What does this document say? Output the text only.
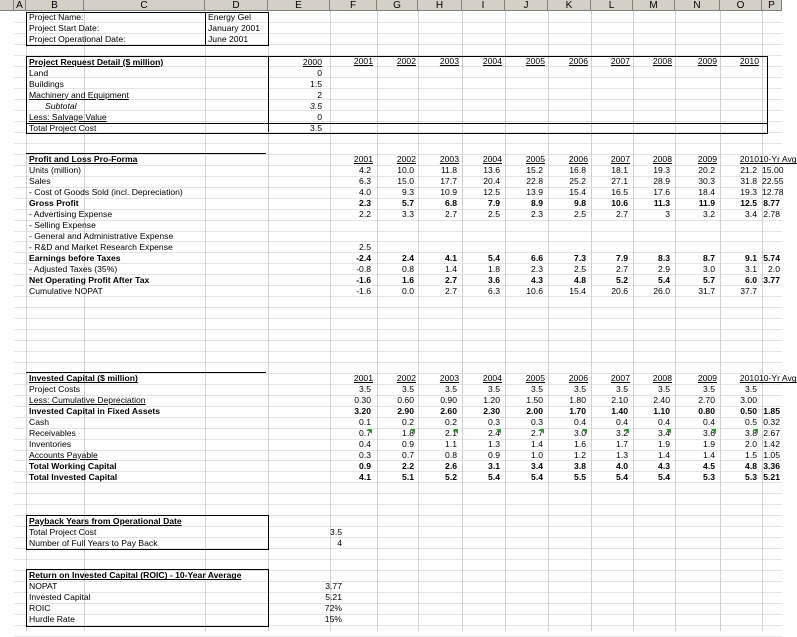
A	B	C	D	E	F	G	H	I	J	K	L	M	N	O	P
Project Name:	Energy Gel
Project Start Date:	January 2001
Project Operational Date:	June 2001
Project Request Detail ($ million)	2000	2001	2002	2003	2004	2005	2006	2007	2008	2009	2010
Land	0
Buildings	1.5
Machinery and Equipment	2
Subtotal	3.5
Less: Salvage Value	0
Total Project Cost	3.5
Profit and Loss Pro-Forma	2001	2002	2003	2004	2005	2006	2007	2008	2009	2010 10-Yr Avg
Units (million)	4.2	10.0	11.8	13.6	15.2	16.8	18.1	19.3	20.2	21.2 15.00
Sales	6.3	15.0	17.7	20.4	22.8	25.2	27.1	28.9	30.3	31.8 22.55
- Cost of Goods Sold (incl. Depreciation)	4.0	9.3	10.9	12.5	13.9	15.4	16.5	17.6	18.4	19.3 12.78
Gross Profit	2.3	5.7	6.8	7.9	8.9	9.8	10.6	11.3	11.9	12.5 8.77
- Advertising Expense	2.2	3.3	2.7	2.5	2.3	2.5	2.7	3	3.2	3.4 2.78
- Selling Expense
- General and Administrative Expense
- R&D and Market Research Expense	2.5
Earnings before Taxes	-2.4	2.4	4.1	5.4	6.6	7.3	7.9	8.3	8.7	9.1 5.74
- Adjusted Taxes (35%)	-0.8	0.8	1.4	1.8	2.3	2.5	2.7	2.9	3.0	3.1	2.0
Net Operating Profit After Tax	-1.6	1.6	2.7	3.6	4.3	4.8	5.2	5.4	5.7	6.0 3.77
Cumulative NOPAT	-1.6	0.0	2.7	6.3	10.6	15.4	20.6	26.0	31.7	37.7
Invested Capital ($ million)	2001	2002	2003	2004	2005	2006	2007	2008	2009	2010 10-Yr Avg
Project Costs	3.5	3.5	3.5	3.5	3.5	3.5	3.5	3.5	3.5	3.5
Less: Cumulative Depreciation	0.30	0.60	0.90	1.20	1.50	1.80	2.10	2.40	2.70	3.00
Invested Capital in Fixed Assets	3.20	2.90	2.60	2.30	2.00	1.70	1.40	1.10	0.80	0.50 1.85
Cash	0.1	0.2	0.2	0.3	0.3	0.4	0.4	0.4	0.4	0.5 0.32
Receivables	0.7	1.8	2.1	2.4	2.7	3.0	3.2	3.4	3.6	3.8 2.67
Inventories	0.4	0.9	1.1	1.3	1.4	1.6	1.7	1.9	1.9	2.0 1.42
Accounts Payable	0.3	0.7	0.8	0.9	1.0	1.2	1.3	1.4	1.4	1.5 1.05
Total Working Capital	0.9	2.2	2.6	3.1	3.4	3.8	4.0	4.3	4.5	4.8 3.36
Total Invested Capital	4.1	5.1	5.2	5.4	5.4	5.5	5.4	5.4	5.3	5.3 5.21
Payback Years from Operational Date
Total Project Cost	3.5
Number of Full Years to Pay Back	4
Return on Invested Capital (ROIC) - 10-Year Average
NOPAT	3.77
Invested Capital	5.21
ROIC	72%
Hurdle Rate	15%
